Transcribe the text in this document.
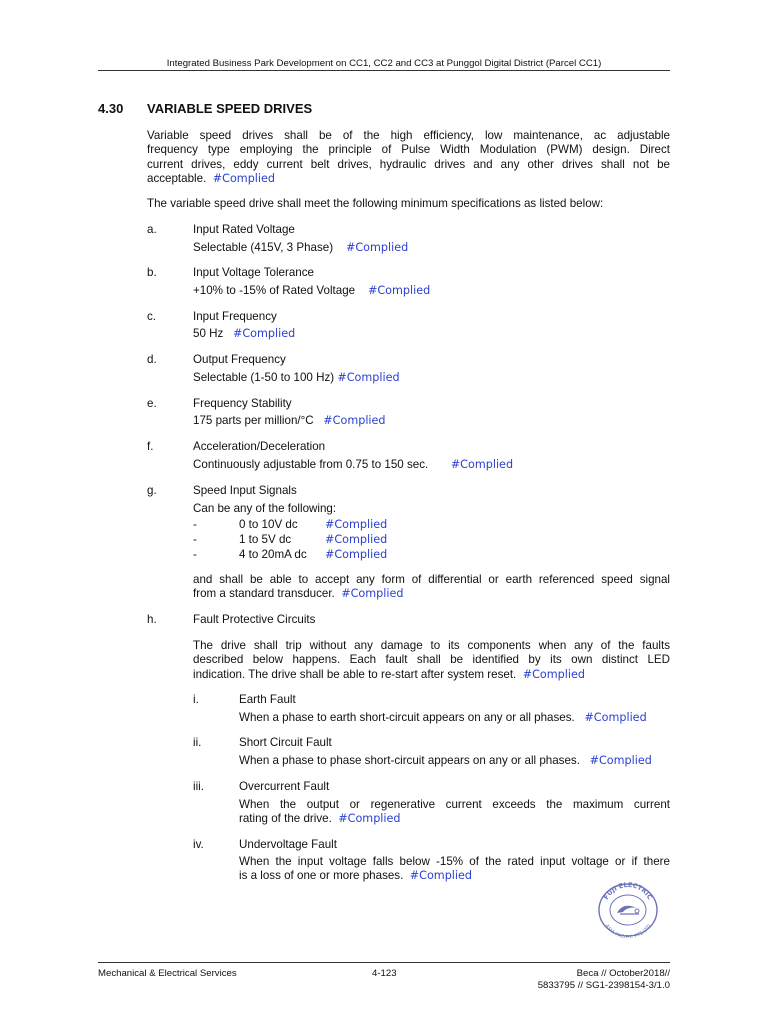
Integrated Business Park Development on CC1, CC2 and CC3 at Punggol Digital District (Parcel CC1)
4.30 VARIABLE SPEED DRIVES
Variable speed drives shall be of the high efficiency, low maintenance, ac adjustable
frequency type employing the principle of Pulse Width Modulation (PWM) design. Direct
current drives, eddy current belt drives, hydraulic drives and any other drives shall not be
acceptable. #Complied
The variable speed drive shall meet the following minimum specifications as listed below:
a.	Input Rated Voltage
Selectable (415V, 3 Phase) #Complied
b.	Input Voltage Tolerance
+10% to -15% of Rated Voltage #Complied
c.	Input Frequency
50 Hz #Complied
d.	Output Frequency
Selectable (1-50 to 100 Hz) #Complied
e.	Frequency Stability
175 parts per million/°C #Complied
f.	Acceleration/Deceleration
Continuously adjustable from 0.75 to 150 sec. #Complied
g.	Speed Input Signals
Can be any of the following:
-	0 to 10V dc #Complied
-	1 to 5V dc	#Complied
-	4 to 20mA dc #Complied
and shall be able to accept any form of differential or earth referenced speed signal
from a standard transducer. #Complied
h.	Fault Protective Circuits
The drive shall trip without any damage to its components when any of the faults
described below happens. Each fault shall be identified by its own distinct LED
indication. The drive shall be able to re-start after system reset. #Complied
i.	Earth Fault
When a phase to earth short-circuit appears on any or all phases. #Complied
ii.	Short Circuit Fault
When a phase to phase short-circuit appears on any or all phases. #Complied
iii.	Overcurrent Fault
When the output or regenerative current exceeds the maximum current
rating of the drive. #Complied
iv.	Undervoltage Fault
When the input voltage falls below -15% of the rated input voltage or if there
is a loss of one or more phases. #Complied
FUJI ELECTRIC
ASIA PACIFIC PTE LTD
Mechanical & Electrical Services	4-123	Beca // October2018//
5833795 // SG1-2398154-3/1.0
